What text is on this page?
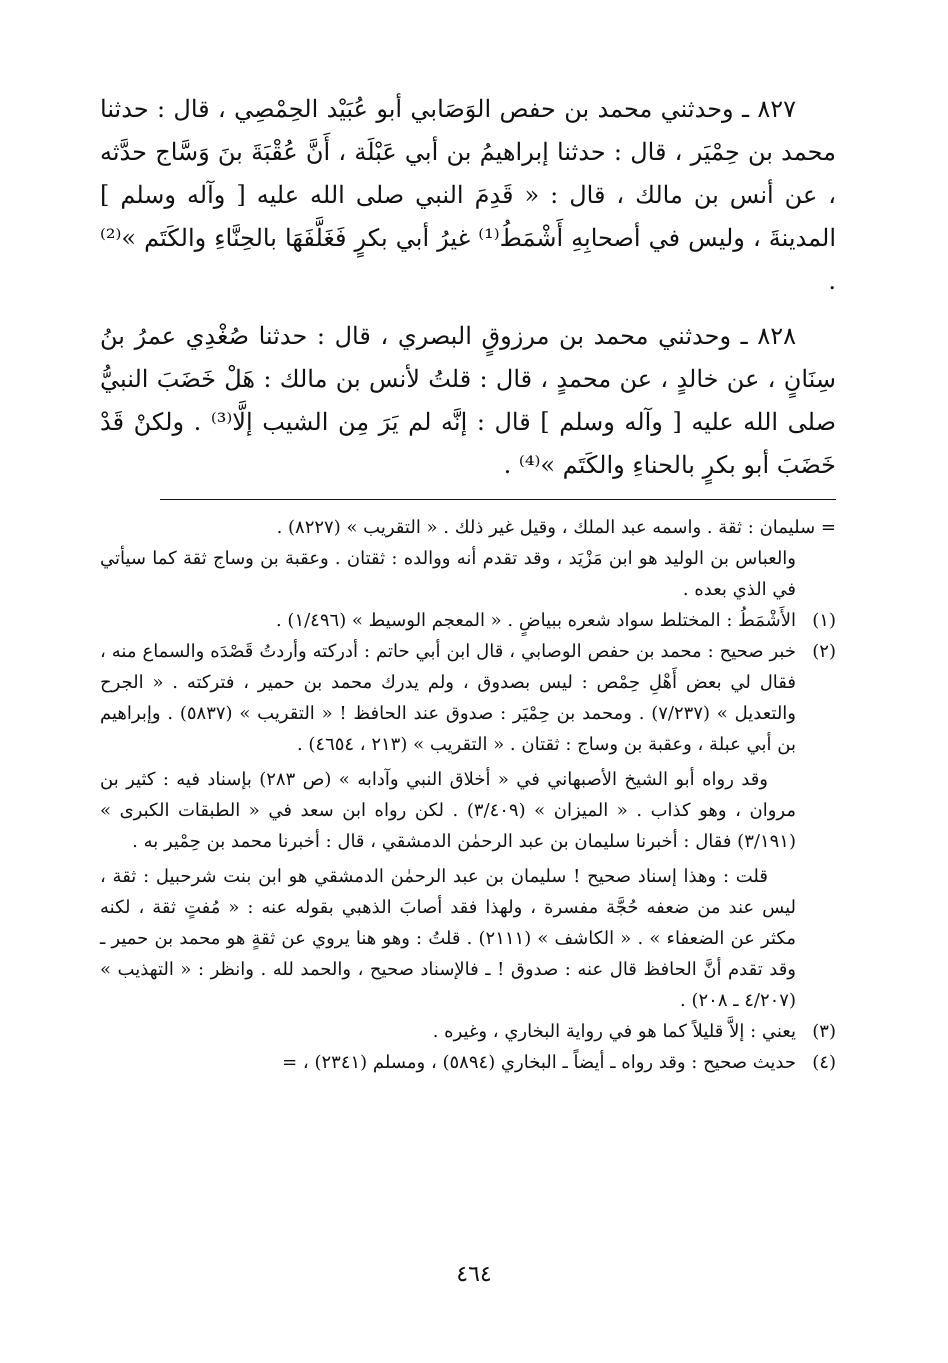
٨٢٧ ـ وحدثني محمد بن حفص الوَصَابي أبو عُبَيْد الحِمْصِي ، قال : حدثنا محمد بن حِمْيَر ، قال : حدثنا إبراهيمُ بن أبي عَبْلَة ، أَنَّ عُقْبَةَ بنَ وَسَّاج حدَّثه ، عن أنس بن مالك ، قال : « قَدِمَ النبي صلى الله عليه [ وآله وسلم ] المدينةَ ، وليس في أصحابِهِ أَشْمَطُ⁽¹⁾ غيرُ أبي بكرٍ فَغَلَّفَهَا بالحِنَّاءِ والكَتَم »⁽²⁾ .

٨٢٨ ـ وحدثني محمد بن مرزوقٍ البصري ، قال : حدثنا صُغْدِي عمرُ بنُ سِنَانٍ ، عن خالدٍ ، عن محمدٍ ، قال : قلتُ لأنس بن مالك : هَلْ خَضَبَ النبيُّ صلى الله عليه [ وآله وسلم ] قال : إنَّه لم يَرَ مِن الشيب إلَّا⁽³⁾ . ولكنْ قَدْ خَضَبَ أبو بكرٍ بالحناءِ والكَتَم »⁽⁴⁾ .

= سليمان : ثقة . واسمه عبد الملك ، وقيل غير ذلك . « التقريب » (٨٢٢٧) .

والعباس بن الوليد هو ابن مَزْيَد ، وقد تقدم أنه ووالده : ثقتان . وعقبة بن وساج ثقة كما سيأتي في الذي بعده .

(١)

الأَشْمَطُ : المختلط سواد شعره ببياضٍ . « المعجم الوسيط » (١/٤٩٦) .

(٢)

خبر صحيح : محمد بن حفص الوصابي ، قال ابن أبي حاتم : أدركته وأردتُ قَصْدَه والسماع منه ، فقال لي بعض أَهْلِ حِمْص : ليس بصدوق ، ولم يدرك محمد بن حمير ، فتركته . « الجرح والتعديل » (٧/٢٣٧) . ومحمد بن حِمْيَر : صدوق عند الحافظ ! « التقريب » (٥٨٣٧) . وإبراهيم بن أبي عبلة ، وعقبة بن وساج : ثقتان . « التقريب » (٢١٣ ، ٤٦٥٤) .

وقد رواه أبو الشيخ الأصبهاني في « أخلاق النبي وآدابه » (ص ٢٨٣) بإسناد فيه : كثير بن مروان ، وهو كذاب . « الميزان » (٣/٤٠٩) . لكن رواه ابن سعد في « الطبقات الكبرى » (٣/١٩١) فقال : أخبرنا سليمان بن عبد الرحمٰن الدمشقي ، قال : أخبرنا محمد بن حِمْير به .

قلت : وهذا إسناد صحيح ! سليمان بن عبد الرحمٰن الدمشقي هو ابن بنت شرحبيل : ثقة ، ليس عند من ضعفه حُجَّة مفسرة ، ولهذا فقد أصابَ الذهبي بقوله عنه : « مُفتٍ ثقة ، لكنه مكثر عن الضعفاء » . « الكاشف » (٢١١١) . قلتُ : وهو هنا يروي عن ثقةٍ هو محمد بن حمير ـ وقد تقدم أنَّ الحافظ قال عنه : صدوق ! ـ فالإسناد صحيح ، والحمد لله . وانظر : « التهذيب » (٤/٢٠٧ ـ ٢٠٨) .

(٣)

يعني : إلاَّ قليلاً كما هو في رواية البخاري ، وغيره .

(٤)

حديث صحيح : وقد رواه ـ أيضاً ـ البخاري (٥٨٩٤) ، ومسلم (٢٣٤١) ، =

٤٦٤
